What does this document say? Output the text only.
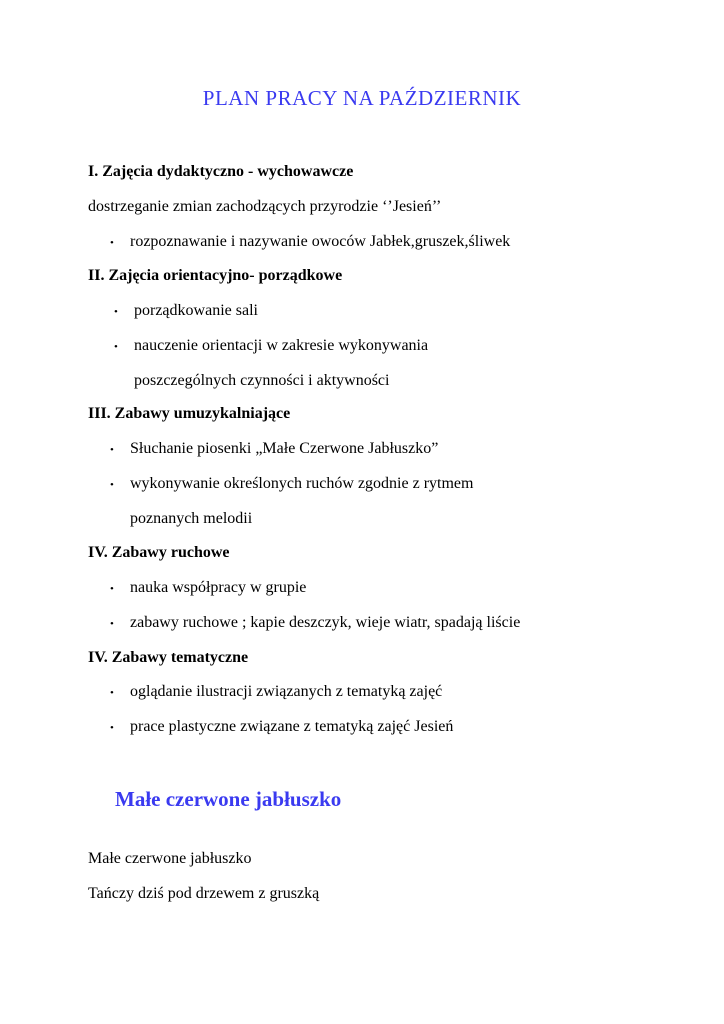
PLAN PRACY NA PAŹDZIERNIK
I. Zajęcia dydaktyczno - wychowawcze
dostrzeganie zmian zachodzących przyrodzie ‘’Jesień’’
• rozpoznawanie i nazywanie owoców Jabłek,gruszek,śliwek
II. Zajęcia orientacyjno- porządkowe
• porządkowanie sali
• nauczenie orientacji w zakresie wykonywania
poszczególnych czynności i aktywności
III. Zabawy umuzykalniające
• Słuchanie piosenki „Małe Czerwone Jabłuszko”
• wykonywanie określonych ruchów zgodnie z rytmem
poznanych melodii
IV. Zabawy ruchowe
• nauka współpracy w grupie
• zabawy ruchowe ; kapie deszczyk, wieje wiatr, spadają liście
IV. Zabawy tematyczne
• oglądanie ilustracji związanych z tematyką zajęć
• prace plastyczne związane z tematyką zajęć Jesień
Małe czerwone jabłuszko
Małe czerwone jabłuszko
Tańczy dziś pod drzewem z gruszką
